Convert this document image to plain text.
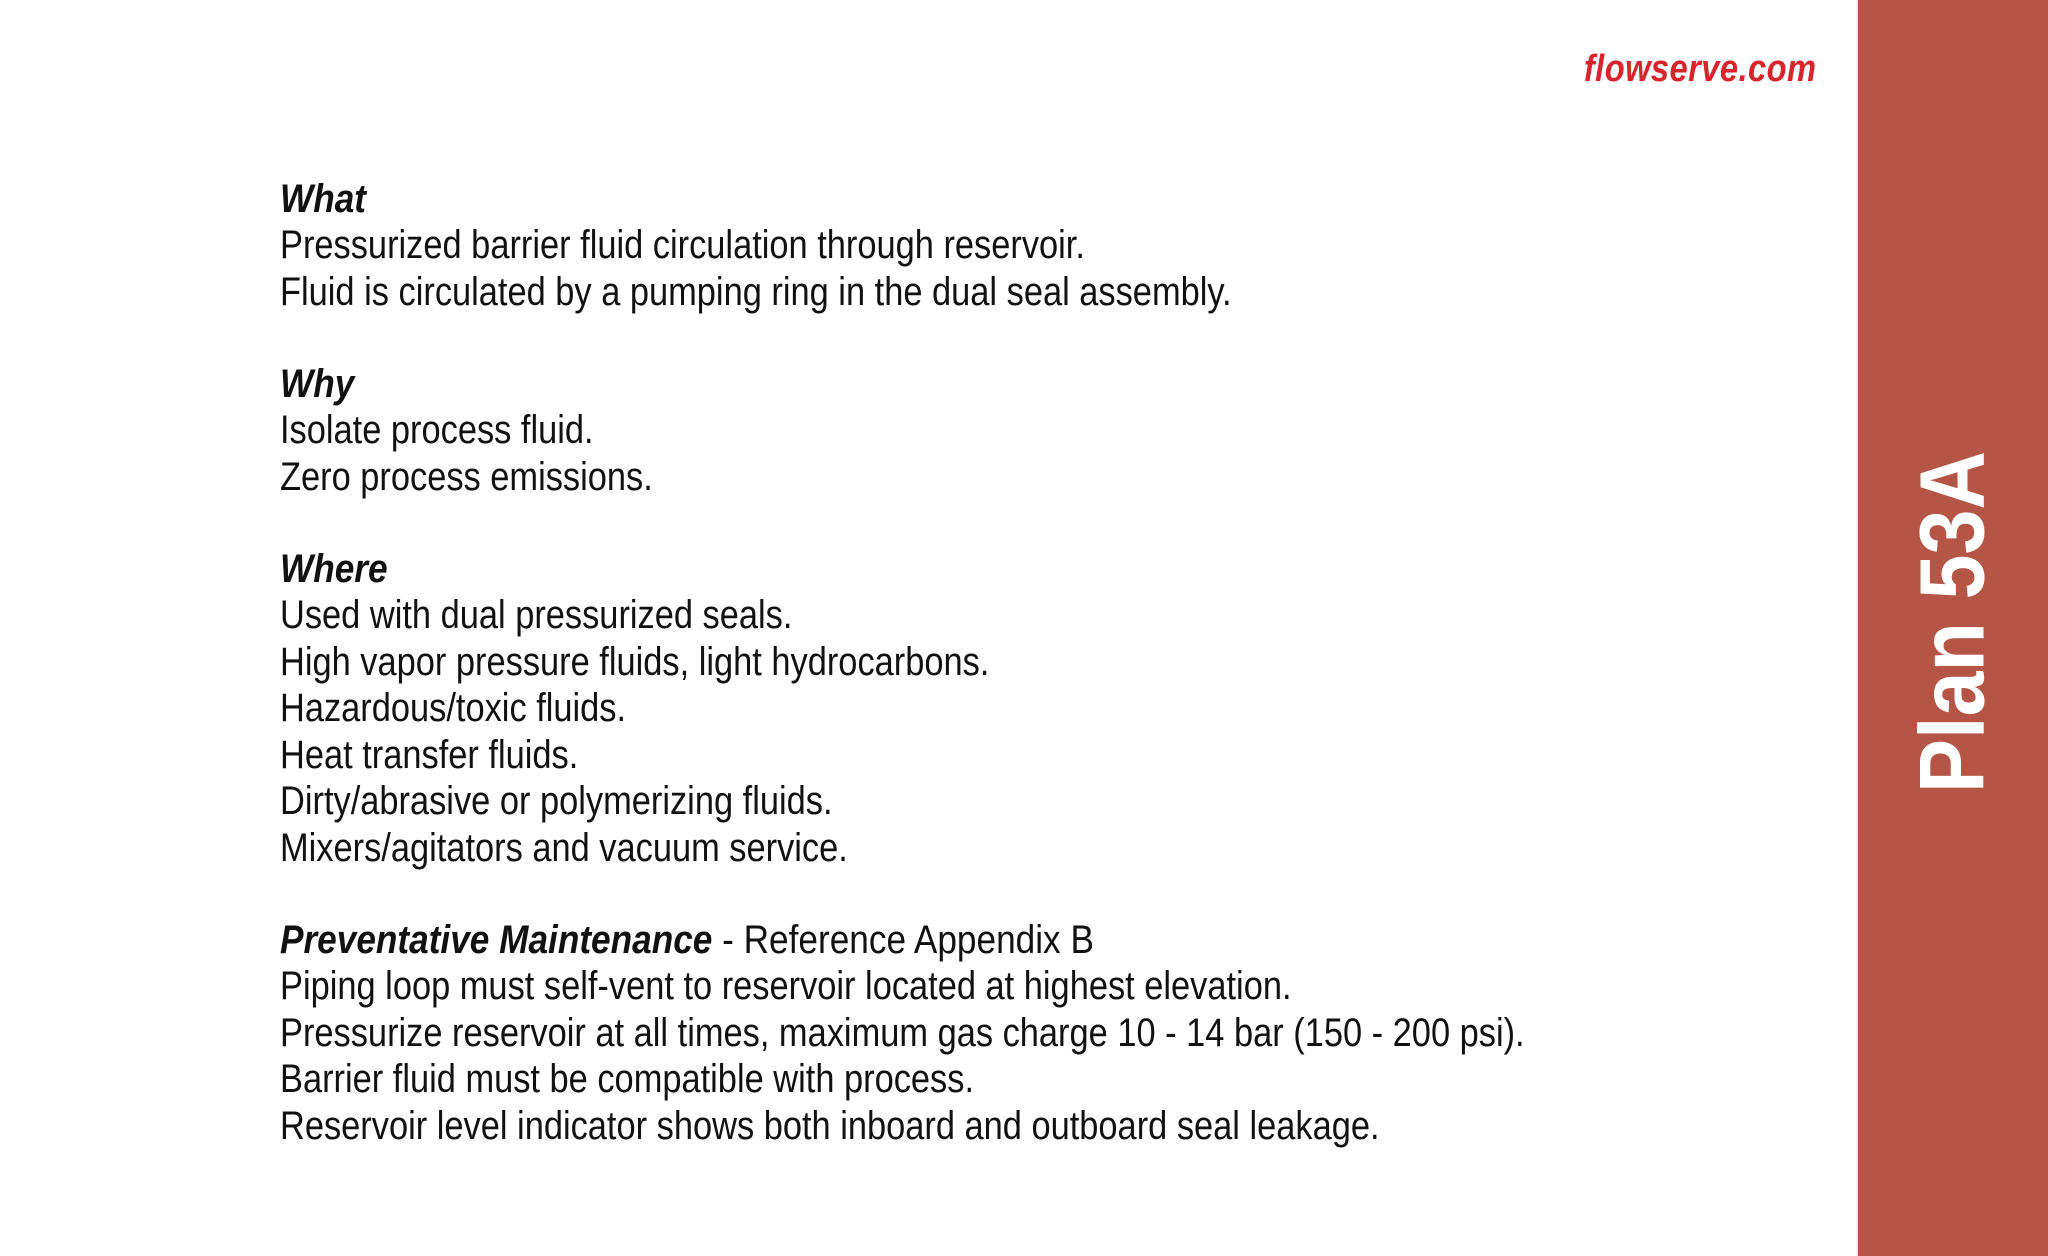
flowserve.com
Plan 53A
What
Pressurized barrier fluid circulation through reservoir.
Fluid is circulated by a pumping ring in the dual seal assembly.
Why
Isolate process fluid.
Zero process emissions.
Where
Used with dual pressurized seals.
High vapor pressure fluids, light hydrocarbons.
Hazardous/toxic fluids.
Heat transfer fluids.
Dirty/abrasive or polymerizing fluids.
Mixers/agitators and vacuum service.
Preventative Maintenance - Reference Appendix B
Piping loop must self-vent to reservoir located at highest elevation.
Pressurize reservoir at all times, maximum gas charge 10 - 14 bar (150 - 200 psi).
Barrier fluid must be compatible with process.
Reservoir level indicator shows both inboard and outboard seal leakage.
